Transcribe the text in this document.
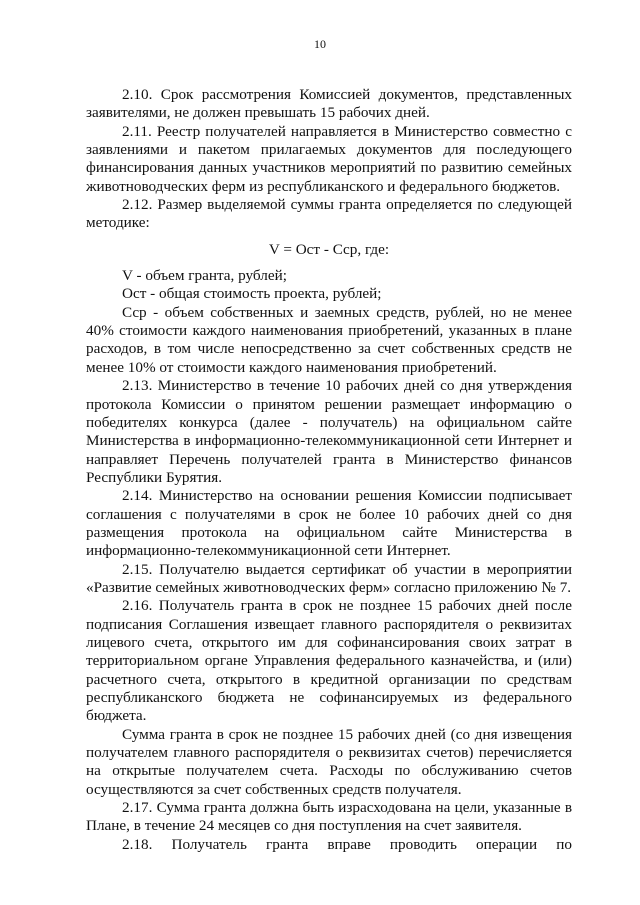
10
2.10. Срок рассмотрения Комиссией документов, представленных
заявителями, не должен превышать 15 рабочих дней.
2.11. Реестр получателей направляется в Министерство совместно с
заявлениями и пакетом прилагаемых документов для последующего
финансирования данных участников мероприятий по развитию семейных
животноводческих ферм из республиканского и федерального бюджетов.
2.12. Размер выделяемой суммы гранта определяется по следующей
методике:
V = Ост - Сср, где:
V - объем гранта, рублей;
Ост - общая стоимость проекта, рублей;
Сср - объем собственных и заемных средств, рублей, но не менее
40% стоимости каждого наименования приобретений, указанных в плане
расходов, в том числе непосредственно за счет собственных средств не
менее 10% от стоимости каждого наименования приобретений.
2.13. Министерство в течение 10 рабочих дней со дня утверждения
протокола Комиссии о принятом решении размещает информацию о
победителях конкурса (далее - получатель) на официальном сайте
Министерства в информационно-телекоммуникационной сети Интернет и
направляет Перечень получателей гранта в Министерство финансов
Республики Бурятия.
2.14. Министерство на основании решения Комиссии подписывает
соглашения с получателями в срок не более 10 рабочих дней со дня
размещения протокола на официальном сайте Министерства в
информационно-телекоммуникационной сети Интернет.
2.15. Получателю выдается сертификат об участии в мероприятии
«Развитие семейных животноводческих ферм» согласно приложению № 7.
2.16. Получатель гранта в срок не позднее 15 рабочих дней после
подписания Соглашения извещает главного распорядителя о реквизитах
лицевого счета, открытого им для софинансирования своих затрат в
территориальном органе Управления федерального казначейства, и (или)
расчетного счета, открытого в кредитной организации по средствам
республиканского бюджета не софинансируемых из федерального
бюджета.
Сумма гранта в срок не позднее 15 рабочих дней (со дня извещения
получателем главного распорядителя о реквизитах счетов) перечисляется
на открытые получателем счета. Расходы по обслуживанию счетов
осуществляются за счет собственных средств получателя.
2.17. Сумма гранта должна быть израсходована на цели, указанные в
Плане, в течение 24 месяцев со дня поступления на счет заявителя.
2.18. Получатель гранта вправе проводить операции по
